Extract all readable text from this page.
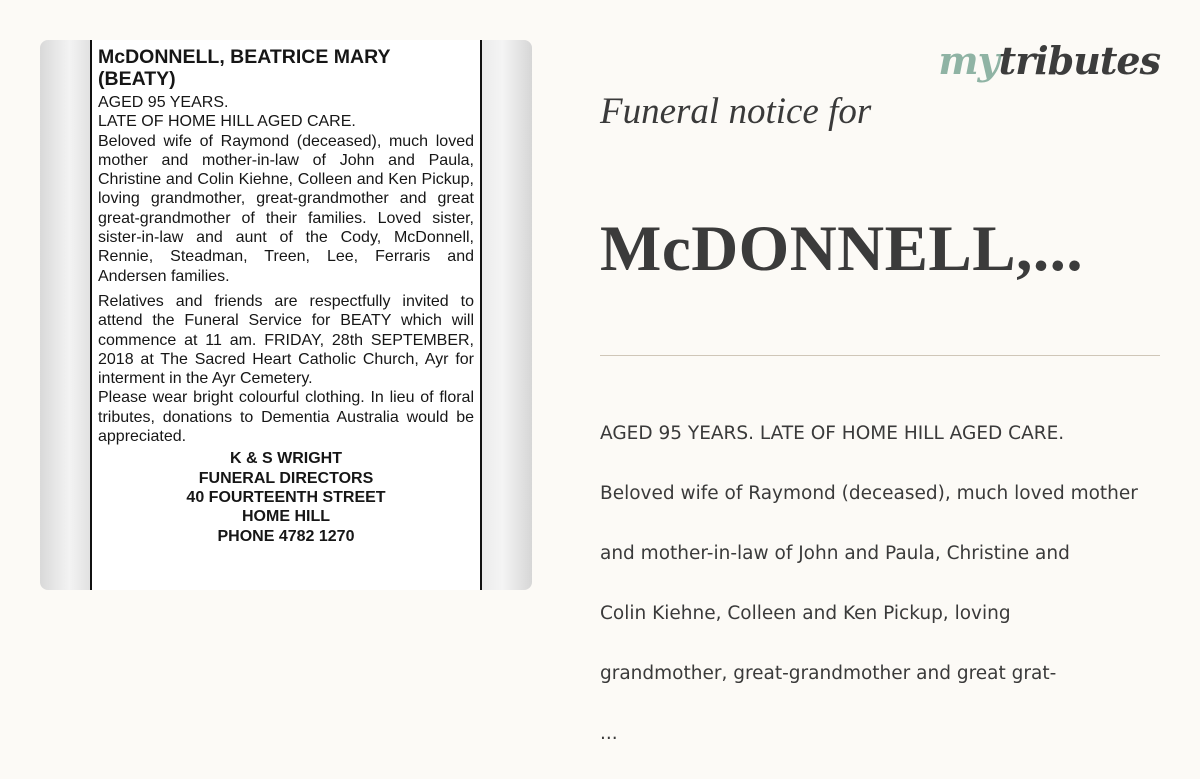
McDONNELL, BEATRICE MARY
(BEATY)

AGED 95 YEARS.

LATE OF HOME HILL AGED CARE.

Beloved wife of Raymond (deceased), much loved mother and mother-in-law of John and Paula, Christine and Colin Kiehne, Colleen and Ken Pickup, loving grandmother, great-grandmother and great great-grandmother of their families. Loved sister, sister-in-law and aunt of the Cody, McDonnell, Rennie, Steadman, Treen, Lee, Ferraris and Andersen families.

Relatives and friends are respectfully invited to attend the Funeral Service for BEATY which will commence at 11 am. FRIDAY, 28th SEPTEMBER, 2018 at The Sacred Heart Catholic Church, Ayr for interment in the Ayr Cemetery.

Please wear bright colourful clothing. In lieu of floral tributes, donations to Dementia Australia would be appreciated.

K & S WRIGHT
FUNERAL DIRECTORS
40 FOURTEENTH STREET
HOME HILL
PHONE 4782 1270
mytributes
Funeral notice for
McDONNELL,...

AGED 95 YEARS. LATE OF HOME HILL AGED CARE.

Beloved wife of Raymond (deceased), much loved mother

and mother-in-law of John and Paula, Christine and

Colin Kiehne, Colleen and Ken Pickup, loving

grandmother, great-grandmother and great grat-

...
